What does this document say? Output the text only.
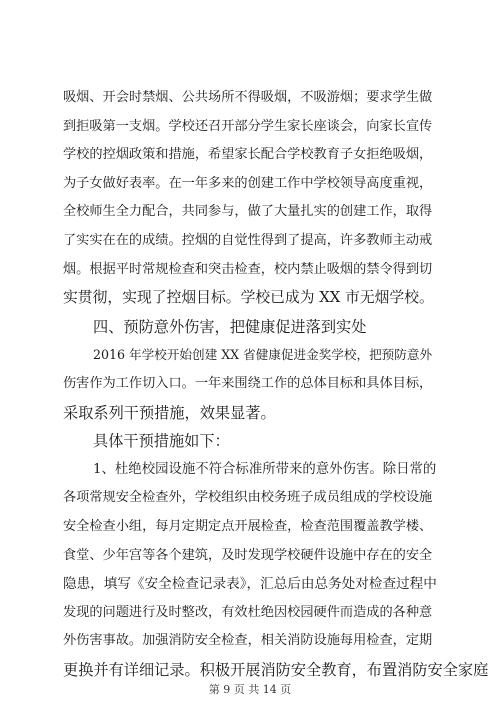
吸烟、开会时禁烟、公共场所不得吸烟，不吸游烟；要求学生做
到拒吸第一支烟。学校还召开部分学生家长座谈会，向家长宣传
学校的控烟政策和措施，希望家长配合学校教育子女拒绝吸烟，
为子女做好表率。在一年多来的创建工作中学校领导高度重视，
全校师生全力配合，共同参与，做了大量扎实的创建工作，取得
了实实在在的成绩。控烟的自觉性得到了提高，许多教师主动戒
烟。根据平时常规检查和突击检查，校内禁止吸烟的禁令得到切
实贯彻，实现了控烟目标。学校已成为 XX 市无烟学校。
四、预防意外伤害，把健康促进落到实处
2016 年学校开始创建 XX 省健康促进金奖学校，把预防意外
伤害作为工作切入口。一年来围绕工作的总体目标和具体目标，
采取系列干预措施，效果显著。
具体干预措施如下：
1、杜绝校园设施不符合标准所带来的意外伤害。除日常的
各项常规安全检查外，学校组织由校务班子成员组成的学校设施
安全检查小组，每月定期定点开展检查，检查范围覆盖教学楼、
食堂、少年宫等各个建筑，及时发现学校硬件设施中存在的安全
隐患，填写《安全检查记录表》，汇总后由总务处对检查过程中
发现的问题进行及时整改，有效杜绝因校园硬件而造成的各种意
外伤害事故。加强消防安全检查，相关消防设施每用检查，定期
更换并有详细记录。积极开展消防安全教育，布置消防安全家庭
第 9 页 共 14 页
